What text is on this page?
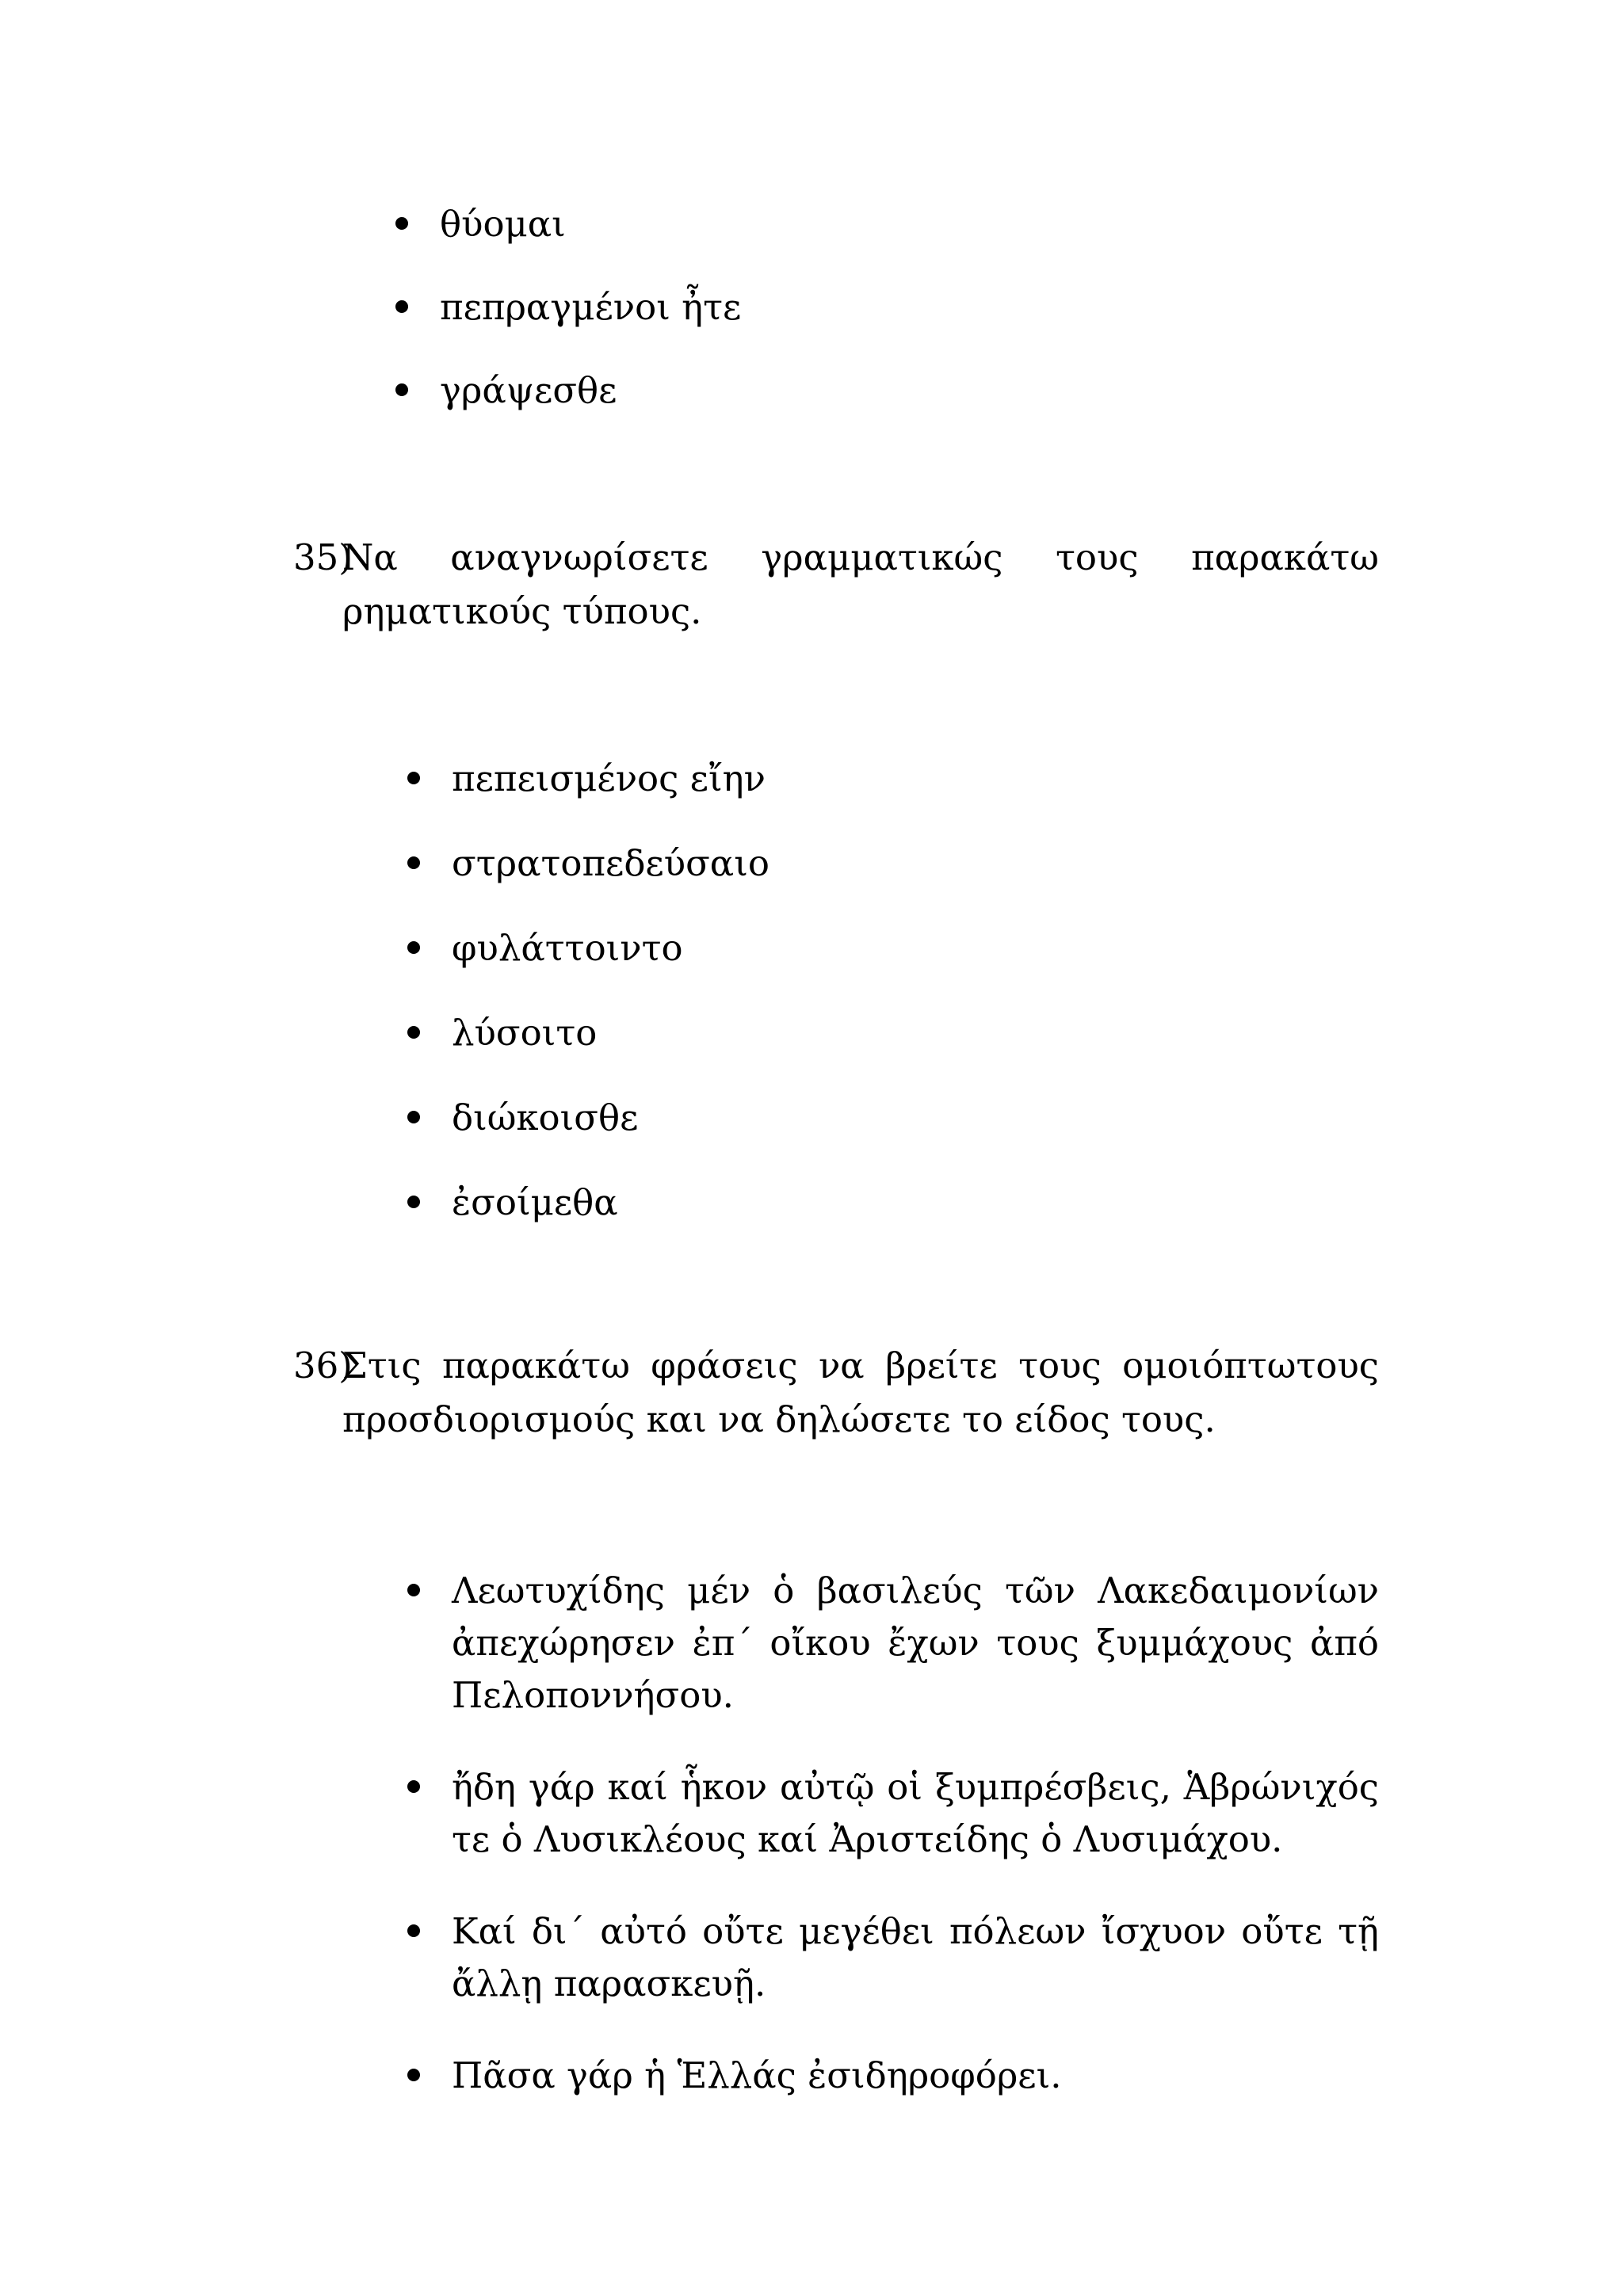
θύομαι
πεπραγμένοι ἦτε
γράψεσθε
35)
Να αναγνωρίσετε γραμματικώς τους παρακάτω ρηματικούς τύπους.
πεπεισμένος εἴην
στρατοπεδεύσαιο
φυλάττοιντο
λύσοιτο
διώκοισθε
ἐσοίμεθα
36)
Στις παρακάτω φράσεις να βρείτε τους ομοιόπτωτους προσδιορισμούς και να δηλώσετε το είδος τους.
Λεωτυχίδης μέν ὁ βασιλεύς τῶν Λακεδαιμονίων ἀπεχώρησεν ἐπ΄ οἴκου ἔχων τους ξυμμάχους ἀπό Πελοποννήσου.
ἤδη γάρ καί ἧκον αὐτῷ οἱ ξυμπρέσβεις, Ἁβρώνιχός τε ὁ Λυσικλέους καί Ἀριστείδης ὁ Λυσιμάχου.
Καί δι΄ αὐτό οὔτε μεγέθει πόλεων ἴσχυον οὔτε τῇ ἄλλῃ παρασκευῇ.
Πᾶσα γάρ ἡ Ἑλλάς ἐσιδηροφόρει.
